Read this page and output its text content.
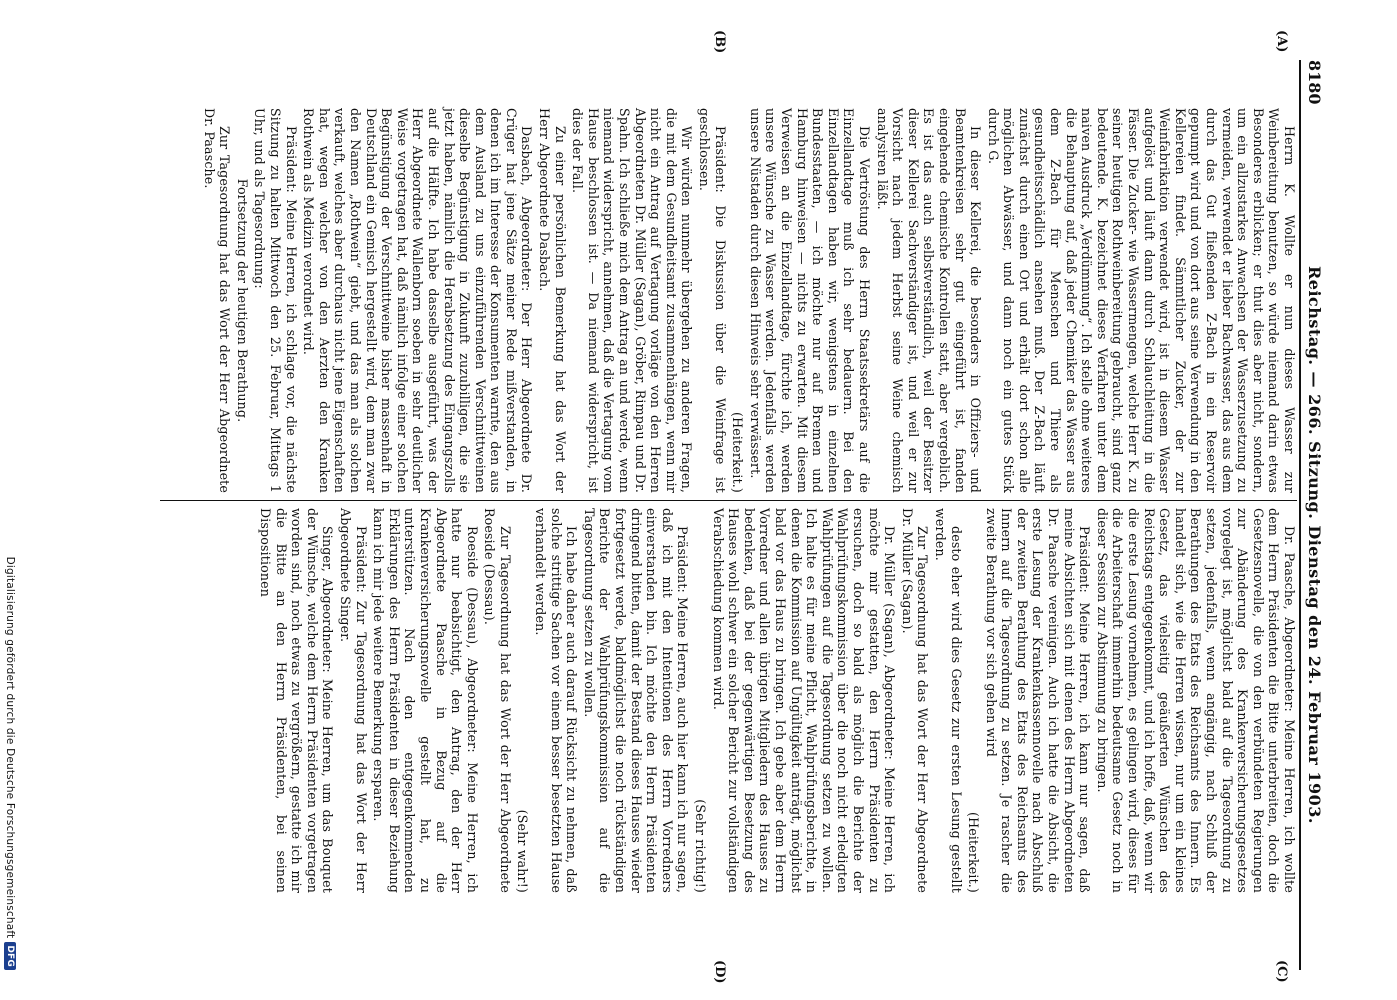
8180
Reichstag. — 266. Sitzung. Dienstag den 24. Februar 1903.
(A)
(B)
(C)
(D)

Herrn K. Wollte er nun dieses Wasser zur Weinbereitung benutzen, so würde niemand darin etwas Besonderes erblicken; er thut dies aber nicht, sondern, um ein allzustarkes Anwachsen der Wasserzusetzung zu vermeiden, verwendet er lieber Bachwasser, das aus dem durch das Gut fließenden Z-Bach in ein Reservoir gepumpt wird und von dort aus seine Verwendung in den Kellereien findet. Sämmtlicher Zucker, der zur Weinfabrikation verwendet wird, ist in diesem Wasser aufgelöst und läuft dann durch Schlauchleitung in die Fässer. Die Zucker- wie Wassermengen, welche Herr K. zu seiner heutigen Rothweinbereitung gebraucht, sind ganz bedeutende. K. bezeichnet dieses Verfahren unter dem naiven Ausdruck „Verdümmung“. Ich stelle ohne weiteres die Behauptung auf, daß jeder Chemiker das Wasser aus dem Z-Bach für Menschen und Thiere als gesundheitsschädlich ansehen muß. Der Z-Bach läuft zunächst durch einen Ort und erhält dort schon alle möglichen Abwässer, und dann noch ein gutes Stück durch G.

In dieser Kellerei, die besonders in Offiziers- und Beamtenkreisen sehr gut eingeführt ist, fanden eingehende chemische Kontrollen statt, aber vergeblich. Es ist das auch selbstverständlich, weil der Besitzer dieser Kellerei Sachverständiger ist, und weil er zur Vorsicht nach jedem Herbst seine Weine chemisch analysiren läßt.

Die Vertröstung des Herrn Staatssekretärs auf die Einzellandtage muß ich sehr bedauern. Bei den Einzellandtagen haben wir, wenigstens in einzelnen Bundesstaaten, — ich möchte nur auf Bremen und Hamburg hinweisen — nichts zu erwarten. Mit diesem Verweisen an die Einzellandtage, fürchte ich, werden unsere Wünsche zu Wasser werden. Jedenfalls werden unsere Nüstaden durch diesen Hinweis sehr verwässert.

(Heiterkeit.)

Präsident: Die Diskussion über die Weinfrage ist geschlossen.

Wir würden nunmehr übergehen zu anderen Fragen, die mit dem Gesundheitsamt zusammenhängen, wenn mir nicht ein Antrag auf Vertagung vorläge von den Herren Abgeordneten Dr. Müller (Sagan), Gröber, Rimpau und Dr. Spahn. Ich schließe mich dem Antrag an und werde, wenn niemand widerspricht, annehmen, daß die Vertagung vom Hause beschlossen ist. — Da niemand widerspricht, ist dies der Fall.

Zu einer persönlichen Bemerkung hat das Wort der Herr Abgeordnete Dasbach.

Dasbach, Abgeordneter: Der Herr Abgeordnete Dr. Crüger hat jene Sätze meiner Rede mißverstanden, in denen ich im Interesse der Konsumenten warnte, den aus dem Ausland zu uns einzuführenden Verschnittweinen dieselbe Begünstigung in Zukunft zuzubilligen, die sie jetzt haben, nämlich die Herabsetzung des Eingangszolls auf die Hälfte. Ich habe dasselbe ausgeführt, was der Herr Abgeordnete Wallenborn soeben in sehr deutlicher Weise vorgetragen hat, daß nämlich infolge einer solchen Begünstigung der Verschnittweine bisher massenhaft in Deutschland ein Gemisch hergestellt wird, dem man zwar den Namen „Rothwein“ giebt, und das man als solchen verkauft, welches aber durchaus nicht jene Eigenschaften hat, wegen welcher von den Aerzten den Kranken Rothwein als Medizin verordnet wird.

Präsident: Meine Herren, ich schlage vor, die nächste Sitzung zu halten Mittwoch den 25. Februar, Mittags 1 Uhr, und als Tagesordnung:

Fortsetzung der heutigen Berathung.

Zur Tagesordnung hat das Wort der Herr Abgeordnete Dr. Paasche.

Dr. Paasche, Abgeordneter: Meine Herren, ich wollte dem Herrn Präsidenten die Bitte unterbreiten, doch die Gesetzesnovelle, die von den verbündeten Regierungen zur Abänderung des Krankenversicherungsgesetzes vorgelegt ist, möglichst bald auf die Tagesordnung zu setzen, jedenfalls, wenn angängig, nach Schluß der Berathungen des Etats des Reichsamts des Innern. Es handelt sich, wie die Herren wissen, nur um ein kleines Gesetz, das vielseitig geäußerten Wünschen des Reichstags entgegenkommt, und ich hoffe, daß, wenn wir die erste Lesung vornehmen, es gelingen wird, dieses für die Arbeiterschaft immerhin bedeutsame Gesetz noch in dieser Session zur Abstimmung zu bringen.

Präsident: Meine Herren, ich kann nur sagen, daß meine Absichten sich mit denen des Herrn Abgeordneten Dr. Paasche vereinigen. Auch ich hatte die Absicht, die erste Lesung der Krankenkassennovelle nach Abschluß der zweiten Berathung des Etats des Reichsamts des Innern auf die Tagesordnung zu setzen. Je rascher die zweite Berathung vor sich gehen wird

(Heiterkeit.)

desto eher wird dies Gesetz zur ersten Lesung gestellt werden.

Zur Tagesordnung hat das Wort der Herr Abgeordnete Dr. Müller (Sagan).

Dr. Müller (Sagan), Abgeordneter: Meine Herren, ich möchte mir gestatten, den Herrn Präsidenten zu ersuchen, doch so bald als möglich die Berichte der Wahlprüfungskommission über die noch nicht erledigten Wahlprüfungen auf die Tagesordnung setzen zu wollen. Ich halte es für meine Pflicht, Wahlprüfungsberichte, in denen die Kommission auf Ungültigkeit anträgt, möglichst bald vor das Haus zu bringen. Ich gebe aber dem Herrn Vorredner und allen übrigen Mitgliedern des Hauses zu bedenken, daß bei der gegenwärtigen Besetzung des Hauses wohl schwer ein solcher Bericht zur vollständigen Verabschiedung kommen wird.

(Sehr richtig!)

Präsident: Meine Herren, auch hier kann ich nur sagen, daß ich mit den Intentionen des Herrn Vorredners einverstanden bin. Ich möchte den Herrn Präsidenten dringend bitten, damit der Bestand dieses Hauses wieder fortgesetzt werde, baldmöglichst die noch rückständigen Berichte der Wahlprüfungskommission auf die Tagesordnung setzen zu wollen.

Ich habe daher auch darauf Rücksicht zu nehmen, daß solche strittige Sachen vor einem besser besetzten Hause verhandelt werden.

(Sehr wahr!)

Zur Tagesordnung hat das Wort der Herr Abgeordnete Roeside (Dessau).

Roeside (Dessau), Abgeordneter: Meine Herren, ich hatte nur beabsichtigt, den Antrag, den der Herr Abgeordnete Paasche in Bezug auf die Krankenversicherungsnovelle gestellt hat, zu unterstützen. Nach den entgegenkommenden Erklärungen des Herrn Präsidenten in dieser Beziehung kann ich mir jede weitere Bemerkung ersparen.

Präsident: Zur Tagesordnung hat das Wort der Herr Abgeordnete Singer.

Singer, Abgeordneter: Meine Herren, um das Bouquet der Wünsche, welche dem Herrn Präsidenten vorgetragen worden sind, noch etwas zu vergrößern, gestatte ich mir die Bitte an den Herrn Präsidenten, bei seinen Dispositionen

Digitalisierung gefördert durch die Deutsche Forschungsgemeinschaft
DFG
